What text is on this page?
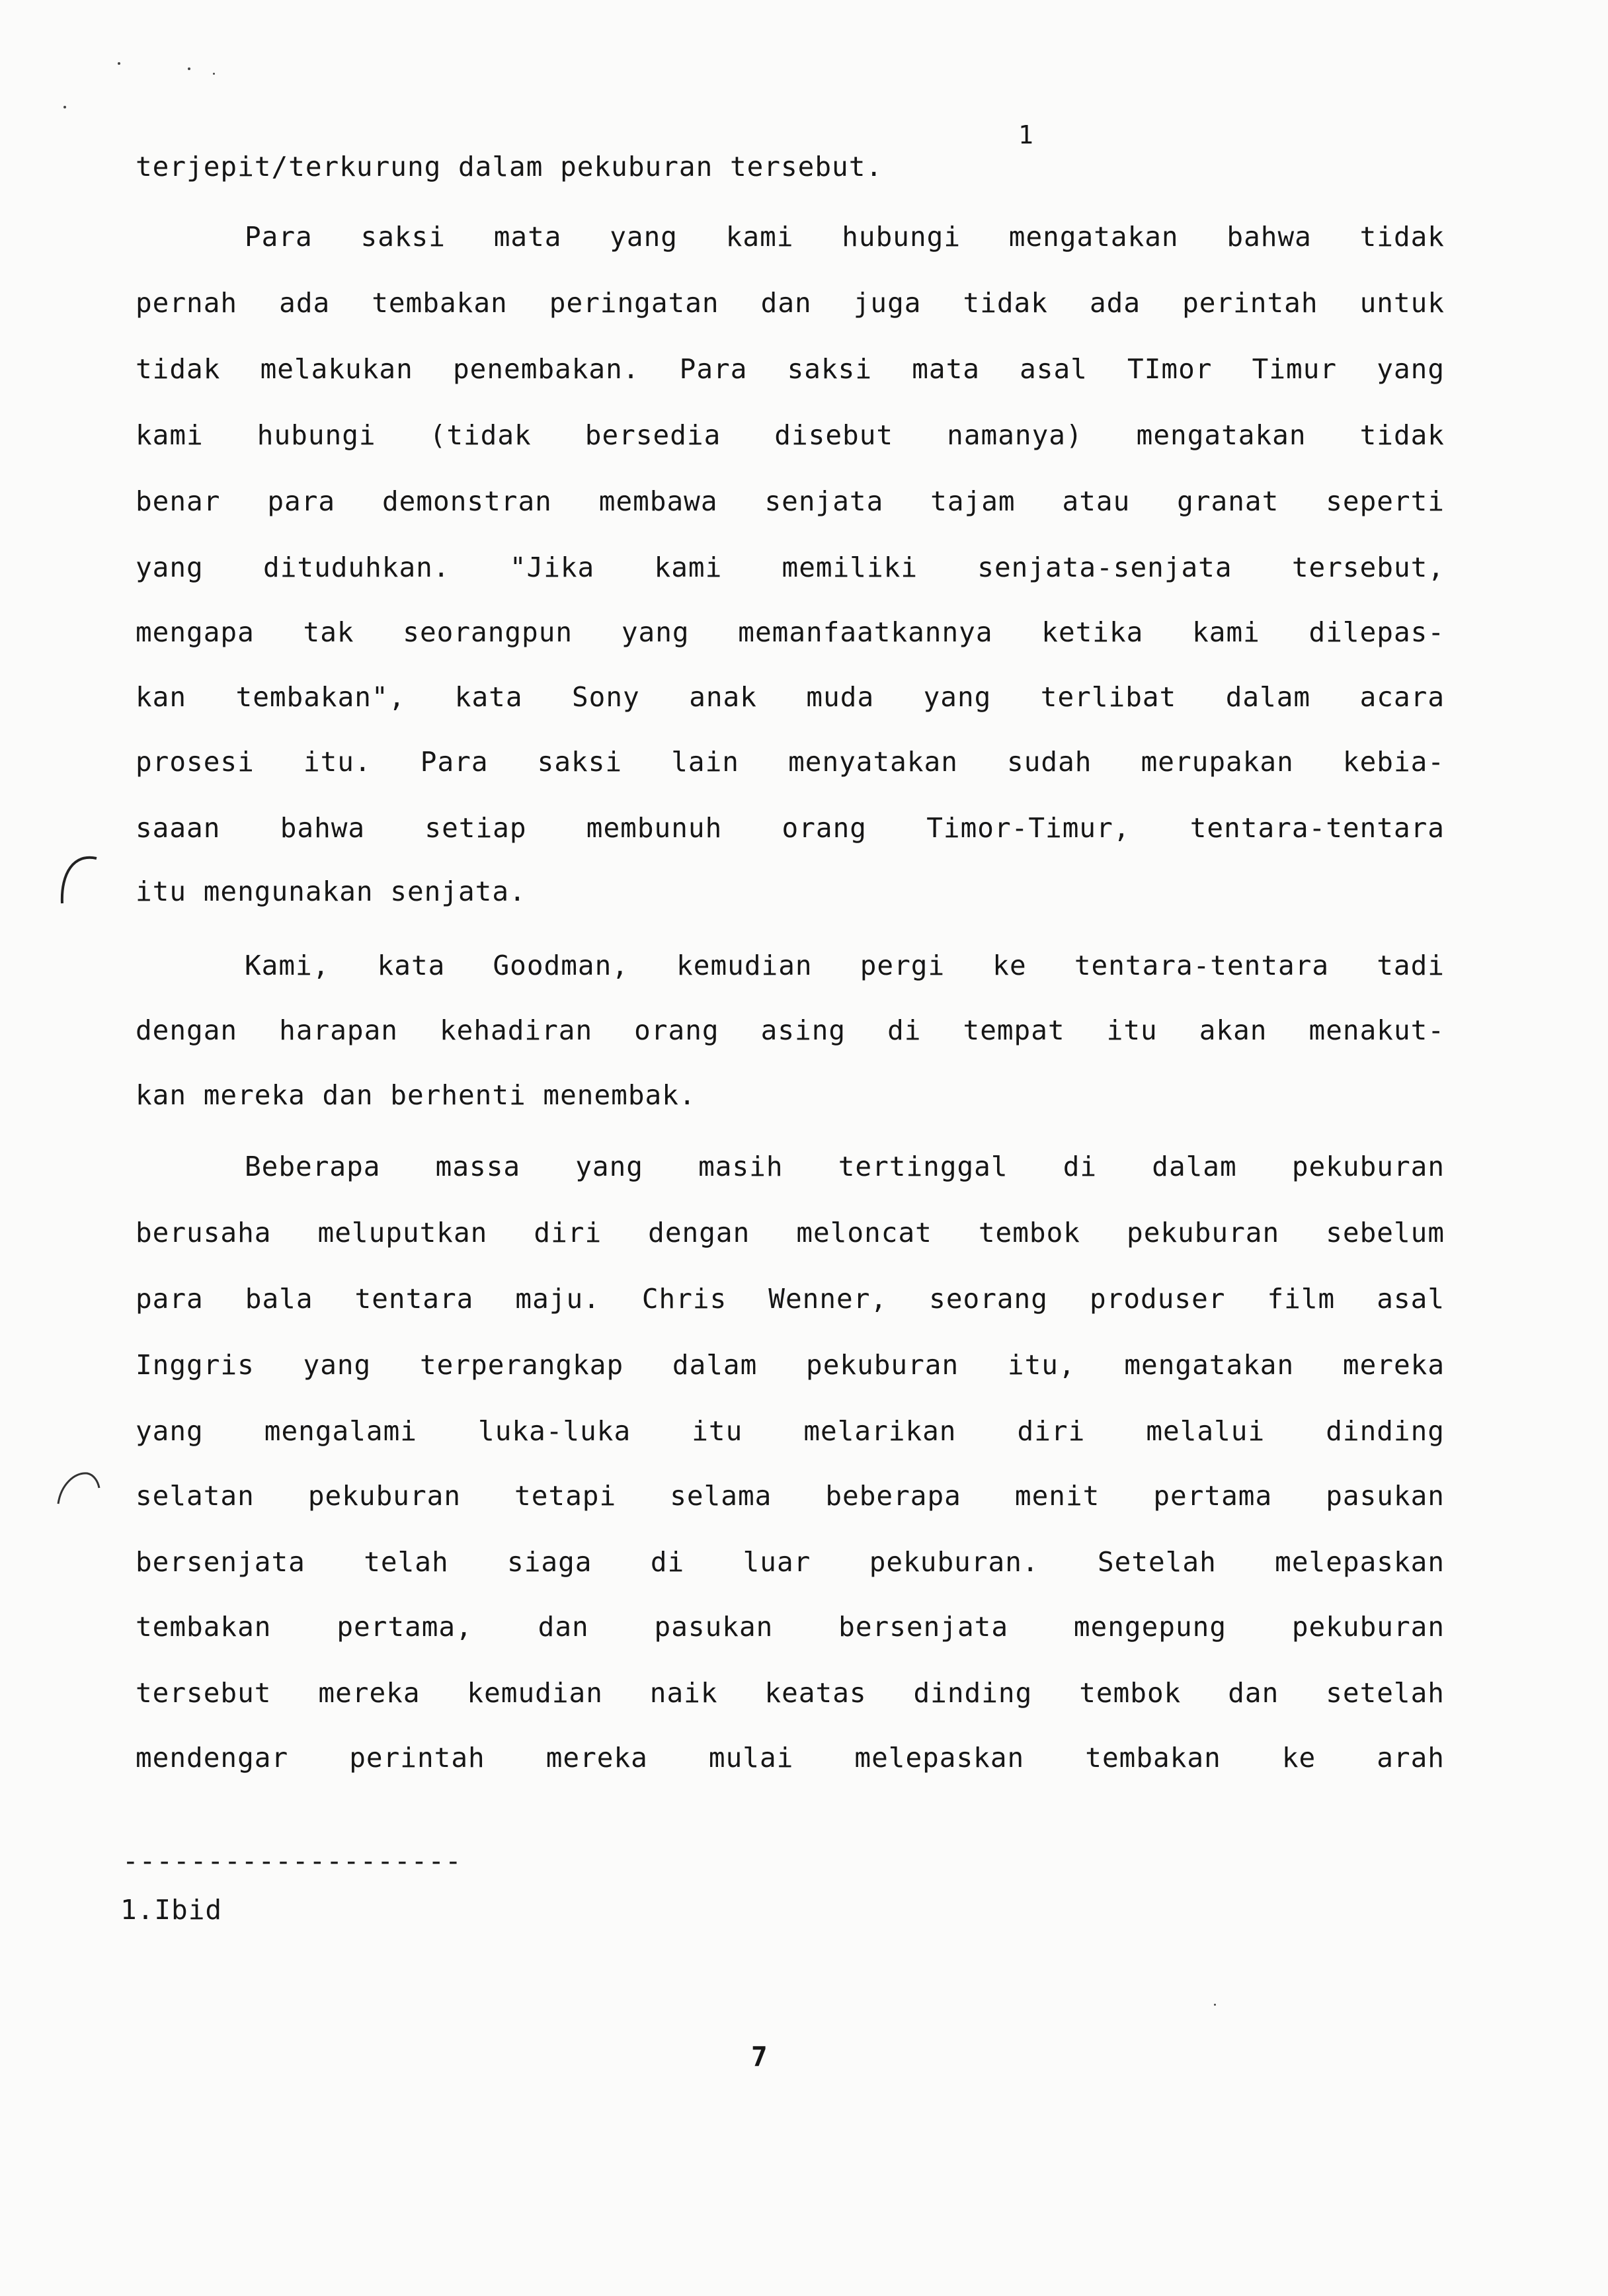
1
terjepit/terkurung dalam pekuburan tersebut.
Para saksi mata yang kami hubungi mengatakan bahwa tidak
pernah ada tembakan peringatan dan juga tidak ada perintah untuk
tidak melakukan penembakan. Para saksi mata asal TImor Timur yang
kami hubungi (tidak bersedia disebut namanya) mengatakan tidak
benar para demonstran membawa senjata tajam atau granat seperti
yang dituduhkan. "Jika kami memiliki senjata-senjata tersebut,
mengapa tak seorangpun yang memanfaatkannya ketika kami dilepas-
kan tembakan", kata Sony anak muda yang terlibat dalam acara
prosesi itu. Para saksi lain menyatakan sudah merupakan kebia-
saaan bahwa setiap membunuh orang Timor-Timur, tentara-tentara
itu mengunakan senjata.
Kami, kata Goodman, kemudian pergi ke tentara-tentara tadi
dengan harapan kehadiran orang asing di tempat itu akan menakut-
kan mereka dan berhenti menembak.
Beberapa massa yang masih tertinggal di dalam pekuburan
berusaha meluputkan diri dengan meloncat tembok pekuburan sebelum
para bala tentara maju. Chris Wenner, seorang produser film asal
Inggris yang terperangkap dalam pekuburan itu, mengatakan mereka
yang mengalami luka-luka itu melarikan diri melalui dinding
selatan pekuburan tetapi selama beberapa menit pertama pasukan
bersenjata telah siaga di luar pekuburan. Setelah melepaskan
tembakan pertama, dan pasukan bersenjata mengepung pekuburan
tersebut mereka kemudian naik keatas dinding tembok dan setelah
mendengar perintah mereka mulai melepaskan tembakan ke arah
--------------------
1.Ibid
7
